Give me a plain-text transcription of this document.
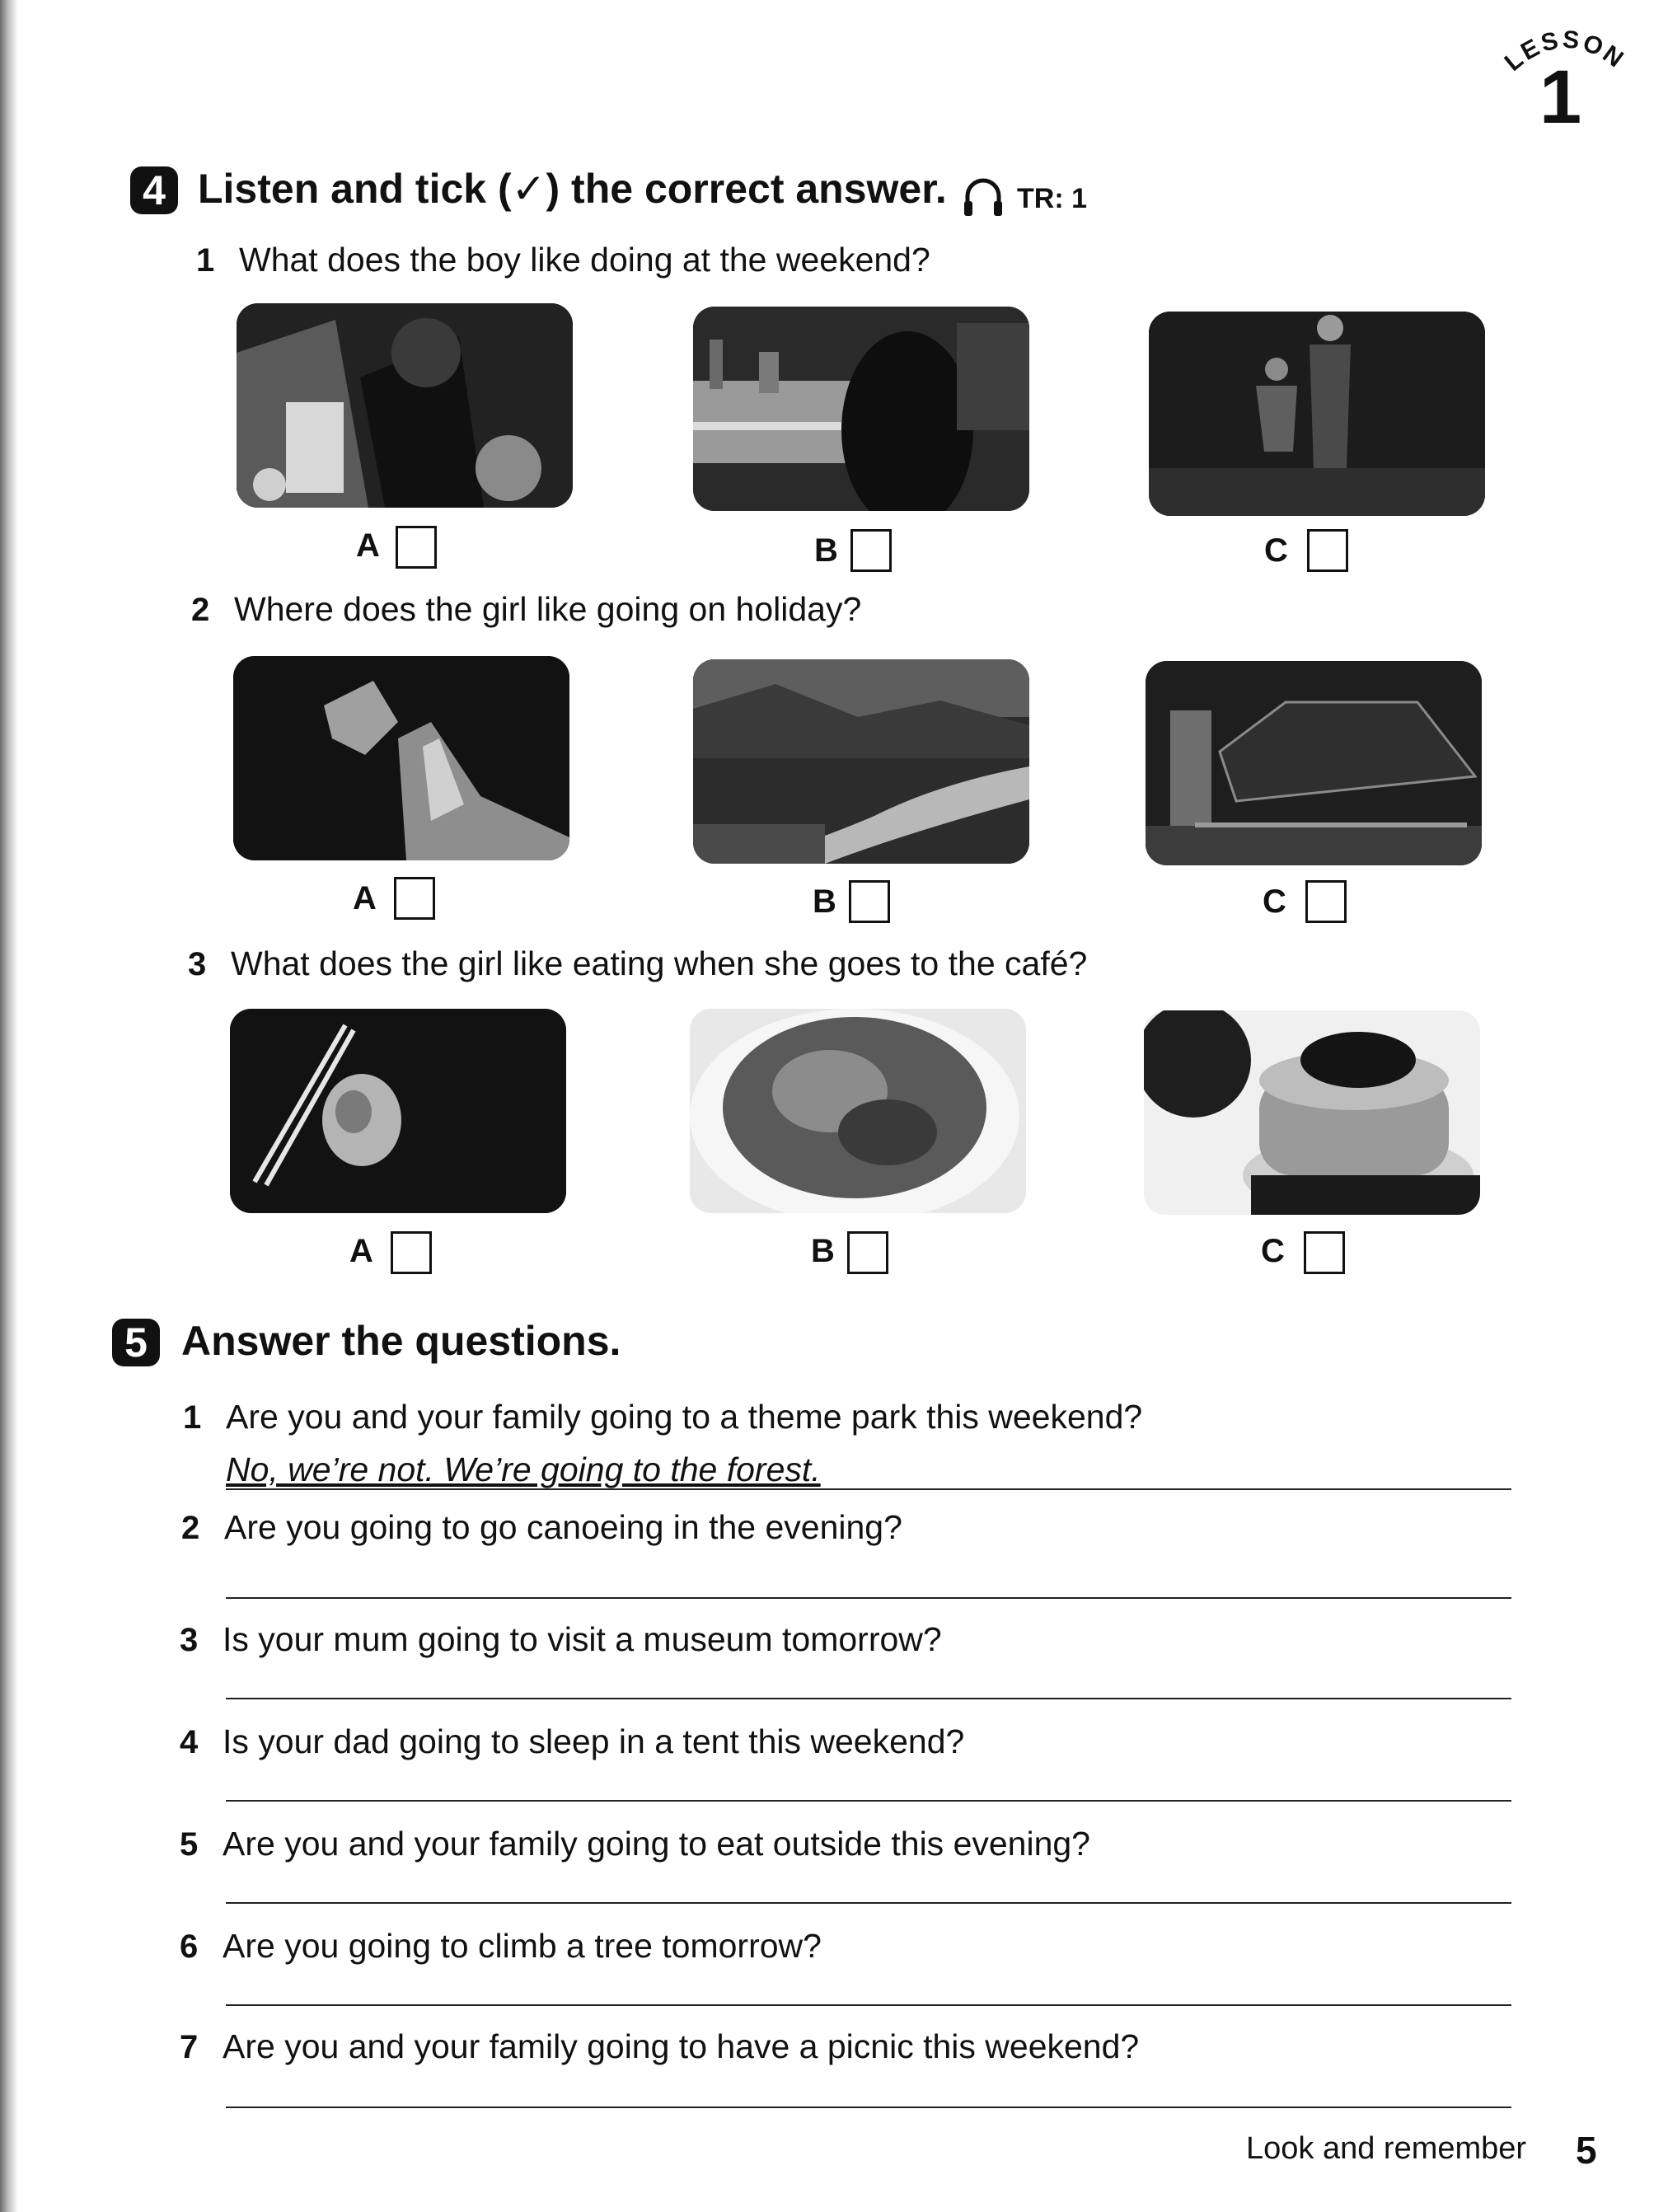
LESSON
1
4 Listen and tick (✓) the correct answer.	TR: 1
1 What does the boy like doing at the weekend?
A	B	C
2 Where does the girl like going on holiday?
A	B	C
3 What does the girl like eating when she goes to the café?
A	B	C
5 Answer the questions.
1 Are you and your family going to a theme park this weekend?
No, we’re not. We’re going to the forest.
2 Are you going to go canoeing in the evening?
3 Is your mum going to visit a museum tomorrow?
4 Is your dad going to sleep in a tent this weekend?
5 Are you and your family going to eat outside this evening?
6 Are you going to climb a tree tomorrow?
7 Are you and your family going to have a picnic this weekend?
Look and remember 5
